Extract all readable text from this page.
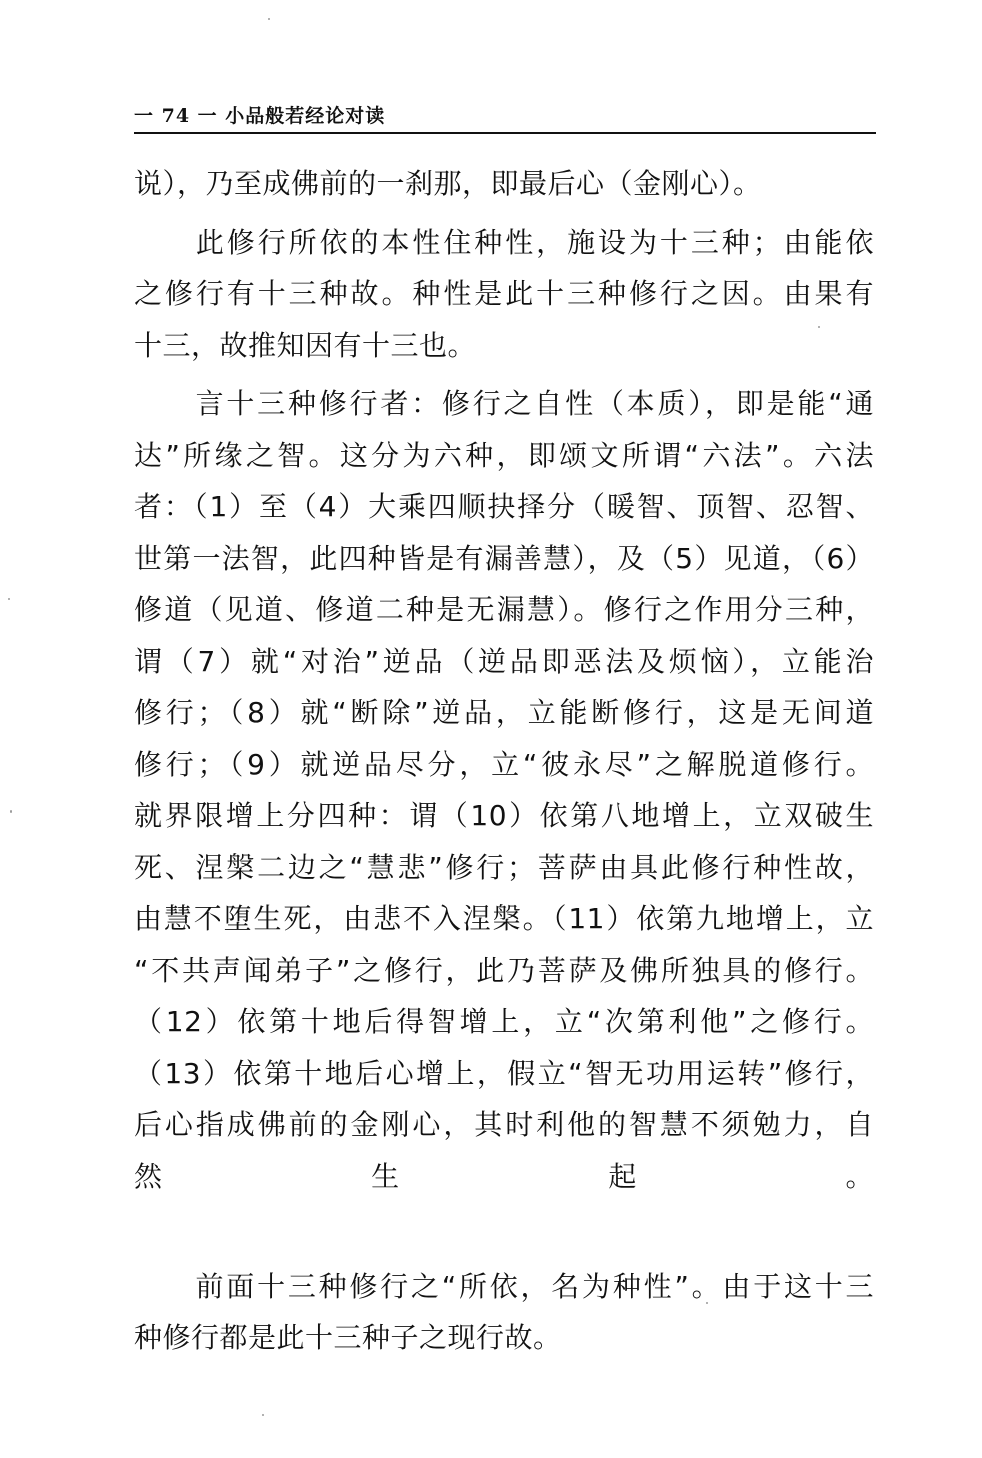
一 74 一 小品般若经论对读
说），乃至成佛前的一刹那，即最后心（金刚心）。
　　此修行所依的本性住种性，施设为十三种；由能依
之修行有十三种故。种性是此十三种修行之因。由果有
十三，故推知因有十三也。
　　言十三种修行者：修行之自性（本质），即是能“通
达”所缘之智。这分为六种，即颂文所谓“六法”。六法
者：（1）至（4）大乘四顺抉择分（暖智、顶智、忍智、
世第一法智，此四种皆是有漏善慧），及（5）见道，（6）
修道（见道、修道二种是无漏慧）。修行之作用分三种，
谓（7）就“对治”逆品（逆品即恶法及烦恼），立能治
修行；（8）就“断除”逆品，立能断修行，这是无间道
修行；（9）就逆品尽分，立“彼永尽”之解脱道修行。
就界限增上分四种：谓（10）依第八地增上，立双破生
死、涅槃二边之“慧悲”修行；菩萨由具此修行种性故，
由慧不堕生死，由悲不入涅槃。（11）依第九地增上，立
“不共声闻弟子”之修行，此乃菩萨及佛所独具的修行。
（12）依第十地后得智增上，立“次第利他”之修行。
（13）依第十地后心增上，假立“智无功用运转”修行，
后心指成佛前的金刚心，其时利他的智慧不须勉力，自
然生起。
　　前面十三种修行之“所依，名为种性”。由于这十三
种修行都是此十三种子之现行故。
